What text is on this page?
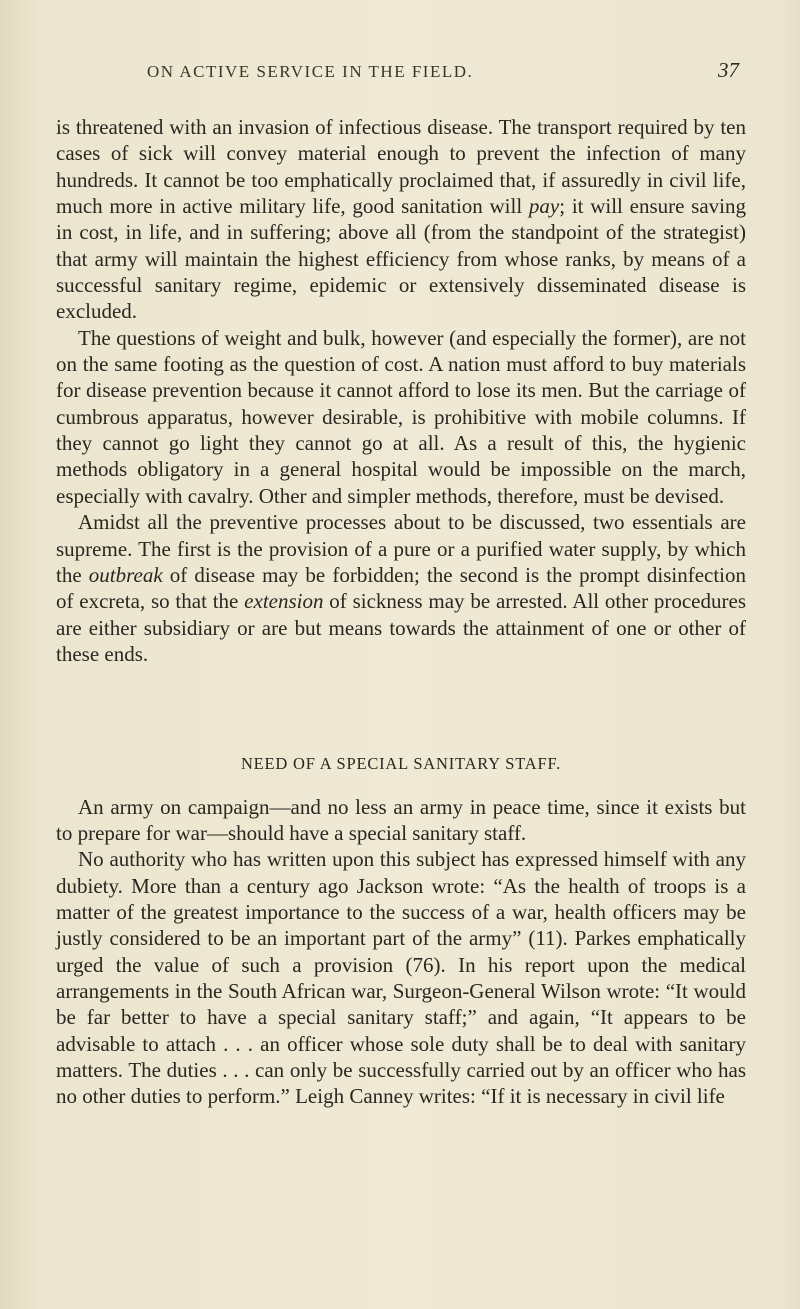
ON ACTIVE SERVICE IN THE FIELD.	37

is threatened with an invasion of infectious disease. The transport required by ten cases of sick will convey material enough to prevent the infection of many hundreds. It cannot be too emphatically proclaimed that, if assuredly in civil life, much more in active military life, good sanitation will pay; it will ensure saving in cost, in life, and in suffering; above all (from the standpoint of the strategist) that army will maintain the highest efficiency from whose ranks, by means of a successful sanitary regime, epidemic or extensively disseminated disease is excluded.

The questions of weight and bulk, however (and especially the former), are not on the same footing as the question of cost. A nation must afford to buy materials for disease prevention because it cannot afford to lose its men. But the carriage of cumbrous apparatus, however desirable, is prohibitive with mobile columns. If they cannot go light they cannot go at all. As a result of this, the hygienic methods obligatory in a general hospital would be impossible on the march, especially with cavalry. Other and simpler methods, therefore, must be devised.

Amidst all the preventive processes about to be discussed, two essentials are supreme. The first is the provision of a pure or a purified water supply, by which the outbreak of disease may be forbidden; the second is the prompt disinfection of excreta, so that the extension of sickness may be arrested. All other procedures are either subsidiary or are but means towards the attainment of one or other of these ends.

NEED OF A SPECIAL SANITARY STAFF.

An army on campaign—and no less an army in peace time, since it exists but to prepare for war—should have a special sanitary staff.

No authority who has written upon this subject has expressed himself with any dubiety. More than a century ago Jackson wrote: “As the health of troops is a matter of the greatest importance to the success of a war, health officers may be justly considered to be an important part of the army” (11). Parkes emphatically urged the value of such a provision (76). In his report upon the medical arrangements in the South African war, Surgeon-General Wilson wrote: “It would be far better to have a special sanitary staff;” and again, “It appears to be advisable to attach . . . an officer whose sole duty shall be to deal with sanitary matters. The duties . . . can only be successfully carried out by an officer who has no other duties to perform.” Leigh Canney writes: “If it is necessary in civil life
